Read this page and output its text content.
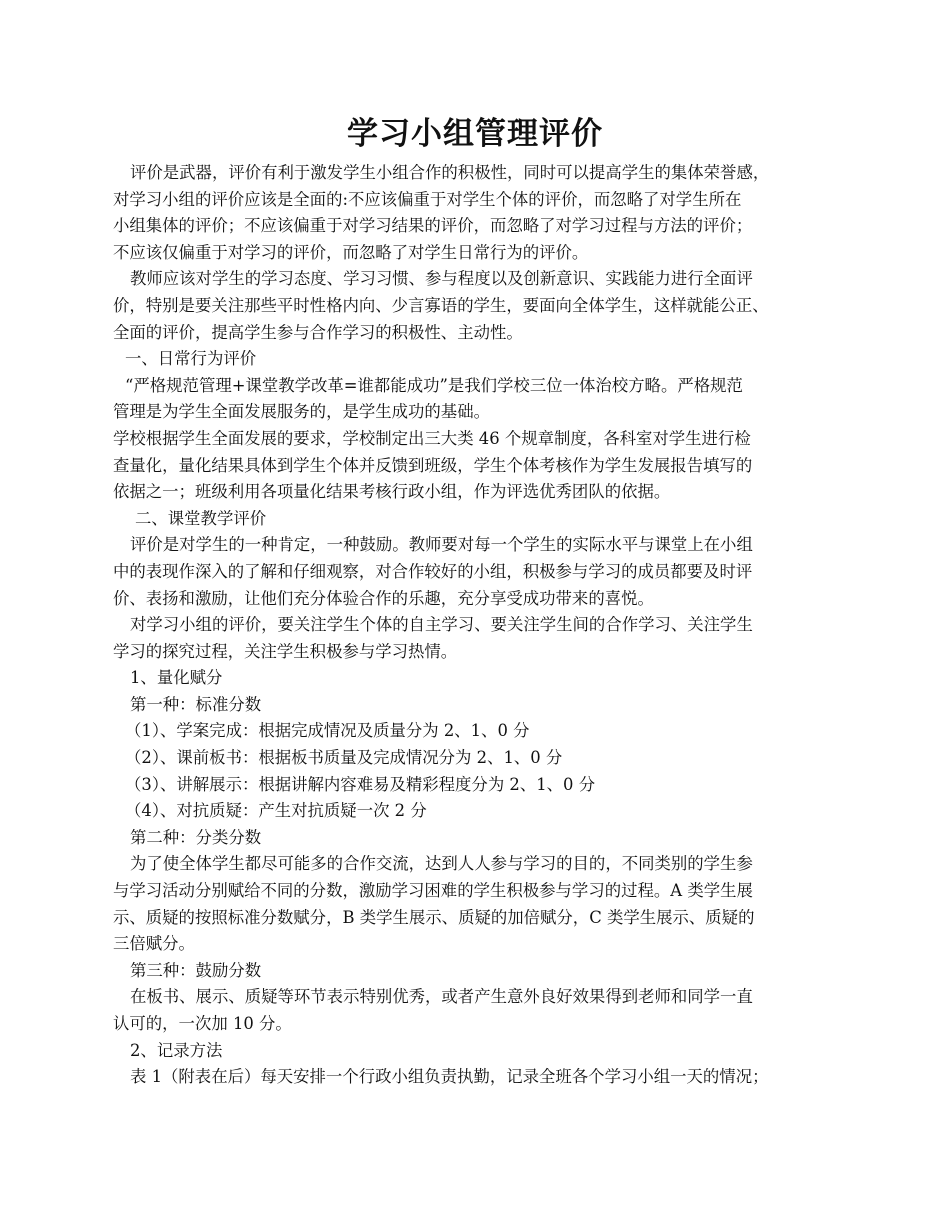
学习小组管理评价
评价是武器，评价有利于激发学生小组合作的积极性，同时可以提高学生的集体荣誉感，
对学习小组的评价应该是全面的:不应该偏重于对学生个体的评价，而忽略了对学生所在
小组集体的评价；不应该偏重于对学习结果的评价，而忽略了对学习过程与方法的评价；
不应该仅偏重于对学习的评价，而忽略了对学生日常行为的评价。
教师应该对学生的学习态度、学习习惯、参与程度以及创新意识、实践能力进行全面评
价，特别是要关注那些平时性格内向、少言寡语的学生，要面向全体学生，这样就能公正、
全面的评价，提高学生参与合作学习的积极性、主动性。
一、日常行为评价
“严格规范管理+课堂教学改革=谁都能成功”是我们学校三位一体治校方略。严格规范
管理是为学生全面发展服务的，是学生成功的基础。
学校根据学生全面发展的要求，学校制定出三大类 46 个规章制度，各科室对学生进行检
查量化，量化结果具体到学生个体并反馈到班级，学生个体考核作为学生发展报告填写的
依据之一；班级利用各项量化结果考核行政小组，作为评选优秀团队的依据。
二、课堂教学评价
评价是对学生的一种肯定，一种鼓励。教师要对每一个学生的实际水平与课堂上在小组
中的表现作深入的了解和仔细观察，对合作较好的小组，积极参与学习的成员都要及时评
价、表扬和激励，让他们充分体验合作的乐趣，充分享受成功带来的喜悦。
对学习小组的评价，要关注学生个体的自主学习、要关注学生间的合作学习、关注学生
学习的探究过程，关注学生积极参与学习热情。
1、量化赋分
第一种：标准分数
（1）、学案完成：根据完成情况及质量分为 2、1、0 分
（2）、课前板书：根据板书质量及完成情况分为 2、1、0 分
（3）、讲解展示：根据讲解内容难易及精彩程度分为 2、1、0 分
（4）、对抗质疑：产生对抗质疑一次 2 分
第二种：分类分数
为了使全体学生都尽可能多的合作交流，达到人人参与学习的目的，不同类别的学生参
与学习活动分别赋给不同的分数，激励学习困难的学生积极参与学习的过程。A 类学生展
示、质疑的按照标准分数赋分，B 类学生展示、质疑的加倍赋分，C 类学生展示、质疑的
三倍赋分。
第三种：鼓励分数
在板书、展示、质疑等环节表示特别优秀，或者产生意外良好效果得到老师和同学一直
认可的，一次加 10 分。
2、记录方法
表 1（附表在后）每天安排一个行政小组负责执勤，记录全班各个学习小组一天的情况；
